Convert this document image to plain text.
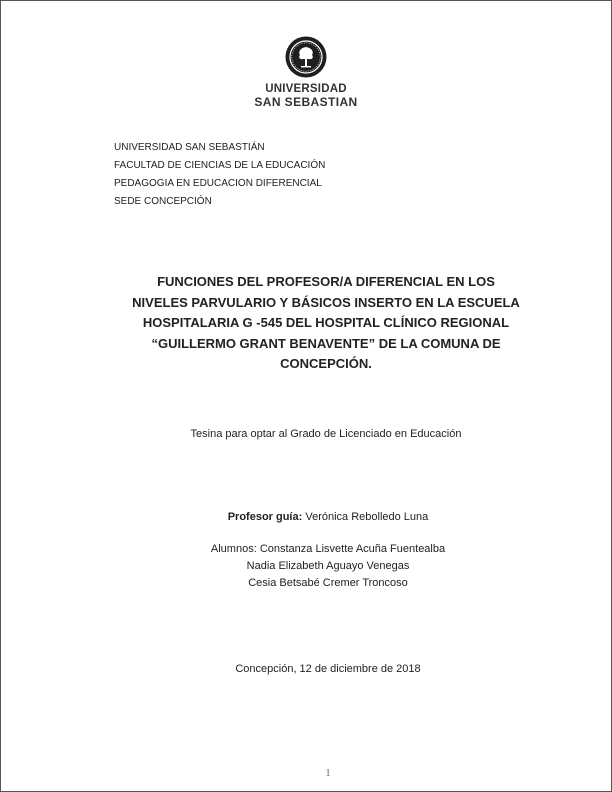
UNIVERSIDAD
SAN SEBASTIAN
UNIVERSIDAD SAN SEBASTIÁN
FACULTAD DE CIENCIAS DE LA EDUCACIÓN
PEDAGOGIA EN EDUCACION DIFERENCIAL
SEDE CONCEPCIÓN
FUNCIONES DEL PROFESOR/A DIFERENCIAL EN LOS
NIVELES PARVULARIO Y BÁSICOS INSERTO EN LA ESCUELA
HOSPITALARIA G -545 DEL HOSPITAL CLÍNICO REGIONAL
“GUILLERMO GRANT BENAVENTE” DE LA COMUNA DE
CONCEPCIÓN.
Tesina para optar al Grado de Licenciado en Educación
Profesor guía: Verónica Rebolledo Luna
Alumnos: Constanza Lisvette Acuña Fuentealba
Nadia Elizabeth Aguayo Venegas
Cesia Betsabé Cremer Troncoso
Concepción, 12 de diciembre de 2018
1
